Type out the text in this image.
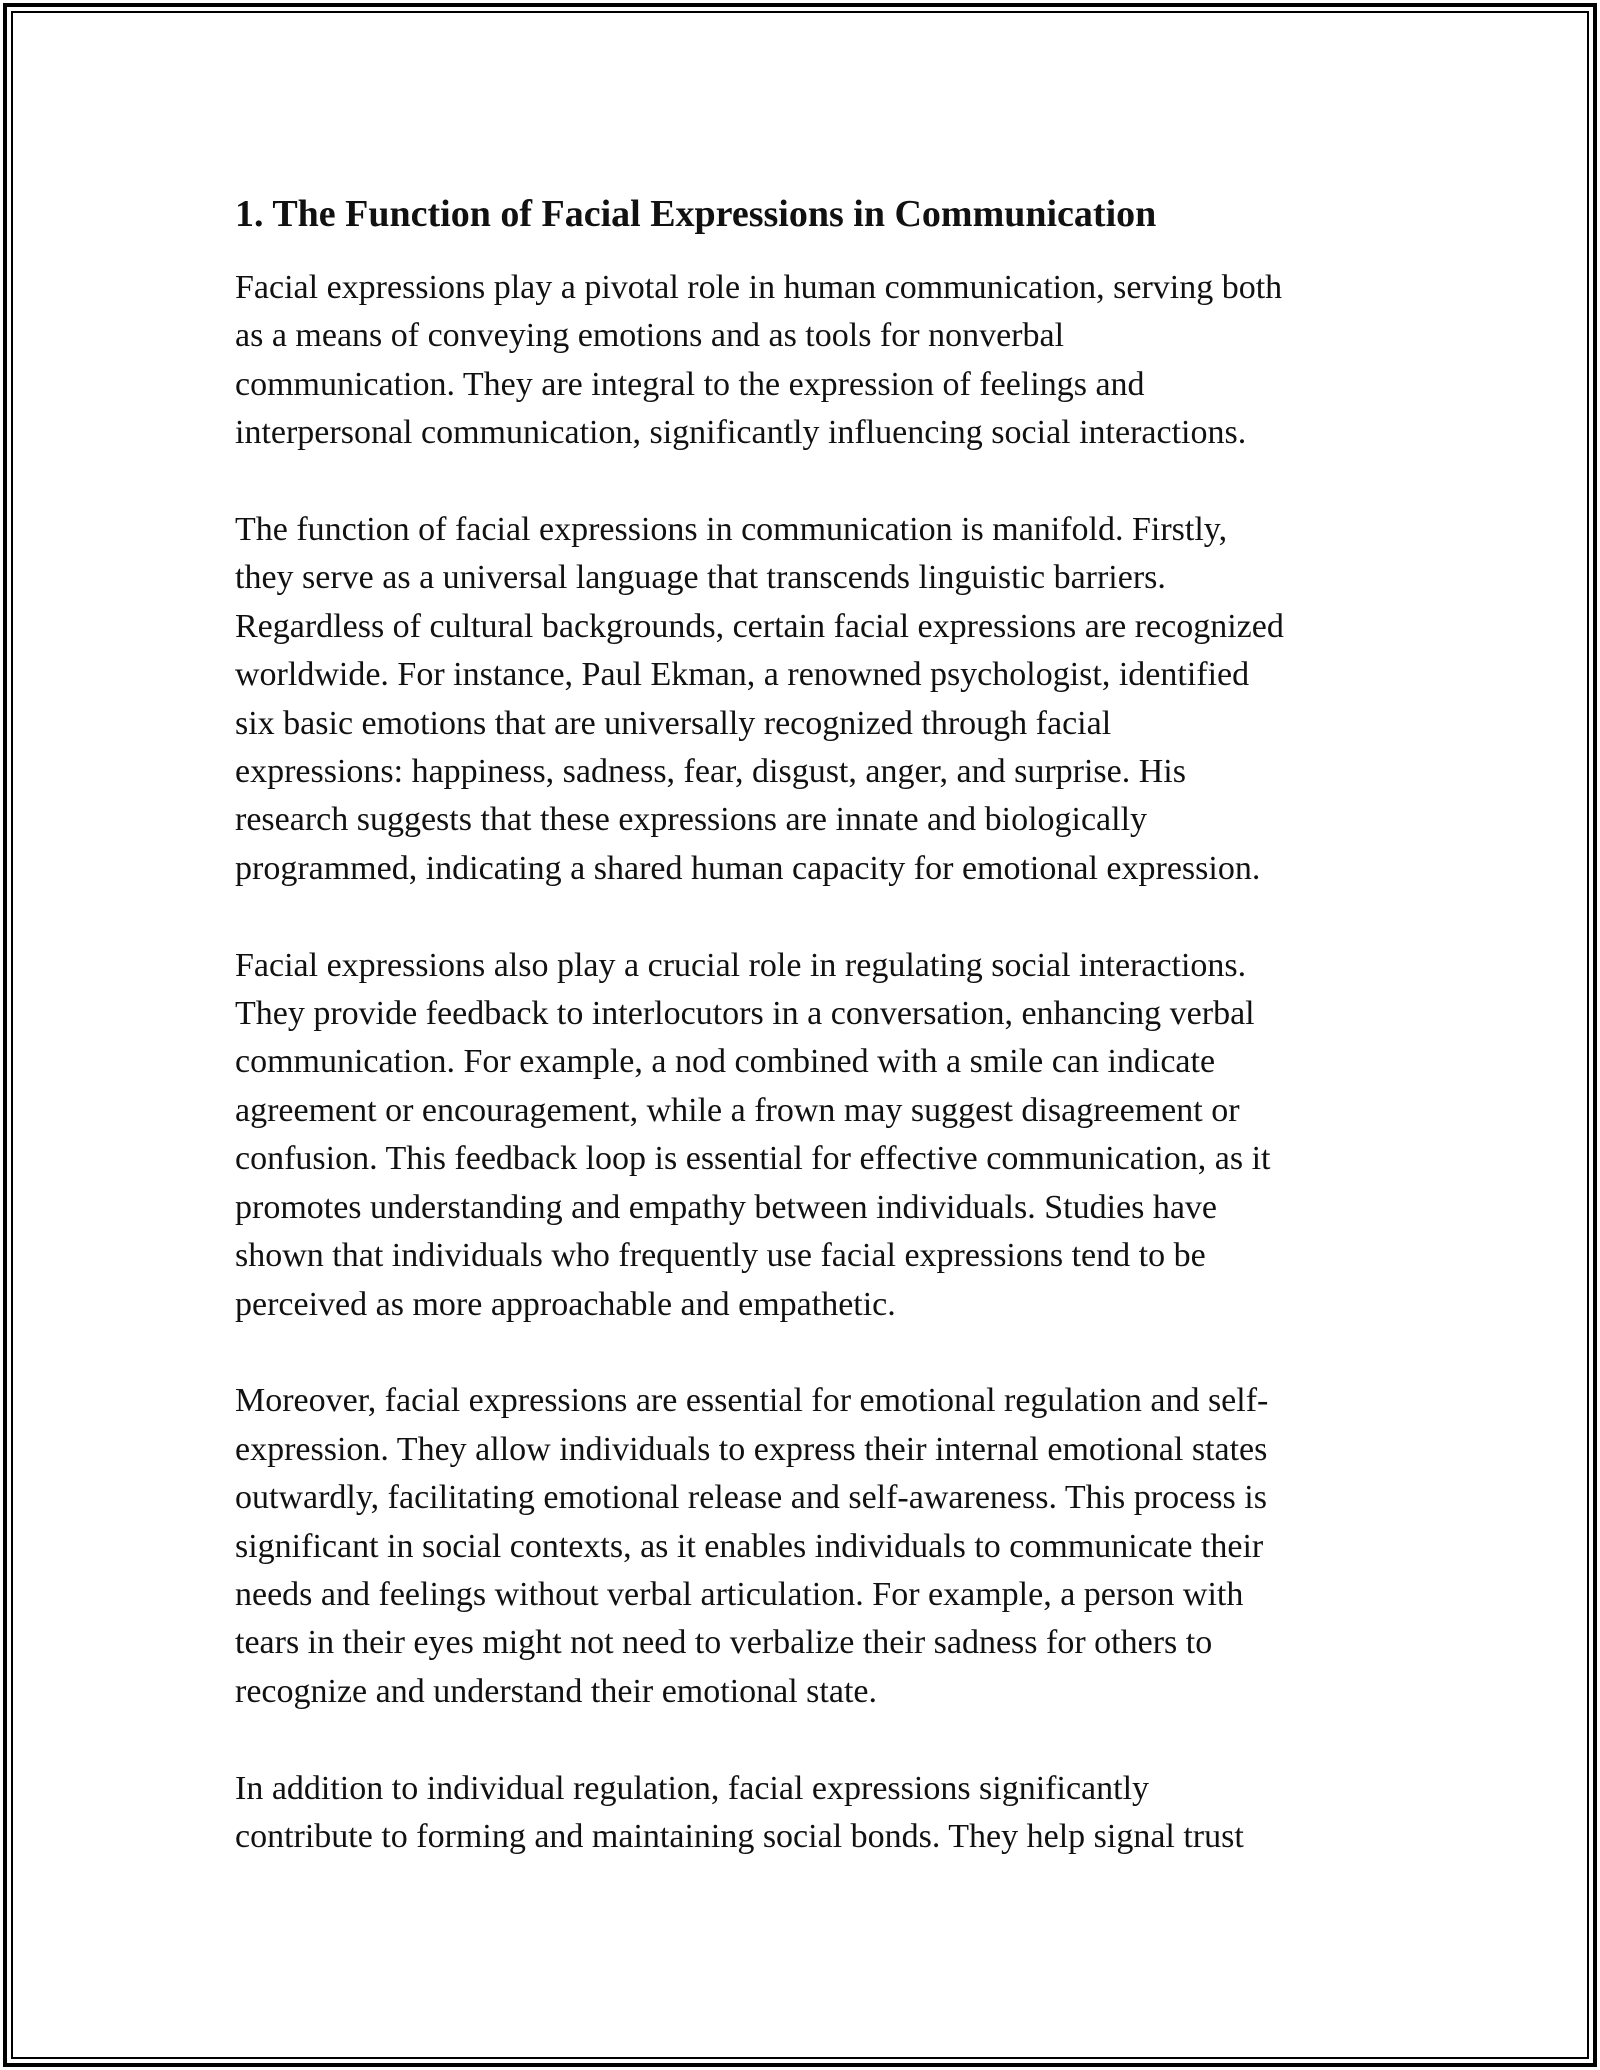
1. The Function of Facial Expressions in Communication

Facial expressions play a pivotal role in human communication, serving both
as a means of conveying emotions and as tools for nonverbal
communication. They are integral to the expression of feelings and
interpersonal communication, significantly influencing social interactions.

The function of facial expressions in communication is manifold. Firstly,
they serve as a universal language that transcends linguistic barriers.
Regardless of cultural backgrounds, certain facial expressions are recognized
worldwide. For instance, Paul Ekman, a renowned psychologist, identified
six basic emotions that are universally recognized through facial
expressions: happiness, sadness, fear, disgust, anger, and surprise. His
research suggests that these expressions are innate and biologically
programmed, indicating a shared human capacity for emotional expression.

Facial expressions also play a crucial role in regulating social interactions.
They provide feedback to interlocutors in a conversation, enhancing verbal
communication. For example, a nod combined with a smile can indicate
agreement or encouragement, while a frown may suggest disagreement or
confusion. This feedback loop is essential for effective communication, as it
promotes understanding and empathy between individuals. Studies have
shown that individuals who frequently use facial expressions tend to be
perceived as more approachable and empathetic.

Moreover, facial expressions are essential for emotional regulation and self-
expression. They allow individuals to express their internal emotional states
outwardly, facilitating emotional release and self-awareness. This process is
significant in social contexts, as it enables individuals to communicate their
needs and feelings without verbal articulation. For example, a person with
tears in their eyes might not need to verbalize their sadness for others to
recognize and understand their emotional state.

In addition to individual regulation, facial expressions significantly
contribute to forming and maintaining social bonds. They help signal trust
